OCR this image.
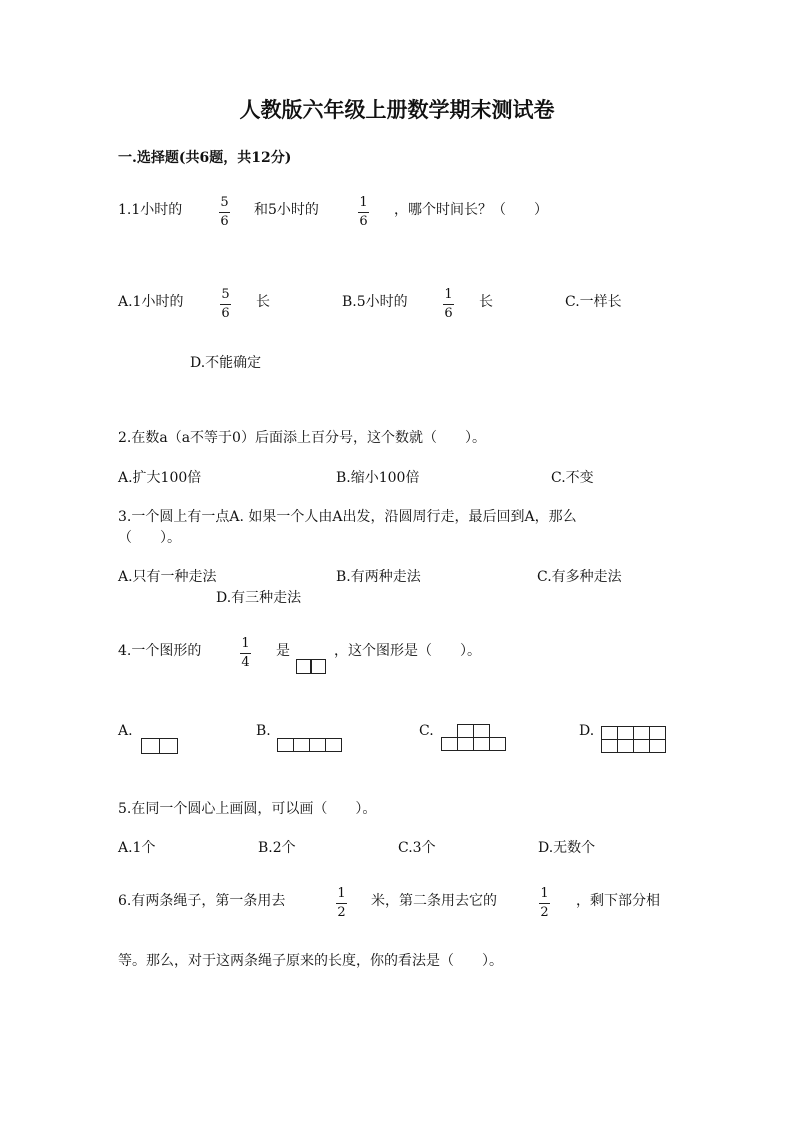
人教版六年级上册数学期末测试卷
一.选择题(共6题，共12分)
1.1小时的	5
6
和5小时的	1
6
，哪个时间长？（　　）
A.1小时的	5
6
长	B.5小时的	1
6
长	C.一样长
D.不能确定
2.在数a（a不等于0）后面添上百分号，这个数就（　　）。
A.扩大100倍	B.缩小100倍	C.不变
3.一个圆上有一点A. 如果一个人由A出发，沿圆周行走，最后回到A，那么
（　　）。
A.只有一种走法	B.有两种走法	C.有多种走法
D.有三种走法
4.一个图形的	1
4
是	，这个图形是（　　）。
A.	B.	C.	D.
5.在同一个圆心上画圆，可以画（　　）。
A.1个	B.2个	C.3个	D.无数个
6.有两条绳子，第一条用去	1
2
米，第二条用去它的	1
2
，剩下部分相
等。那么，对于这两条绳子原来的长度，你的看法是（　　）。
